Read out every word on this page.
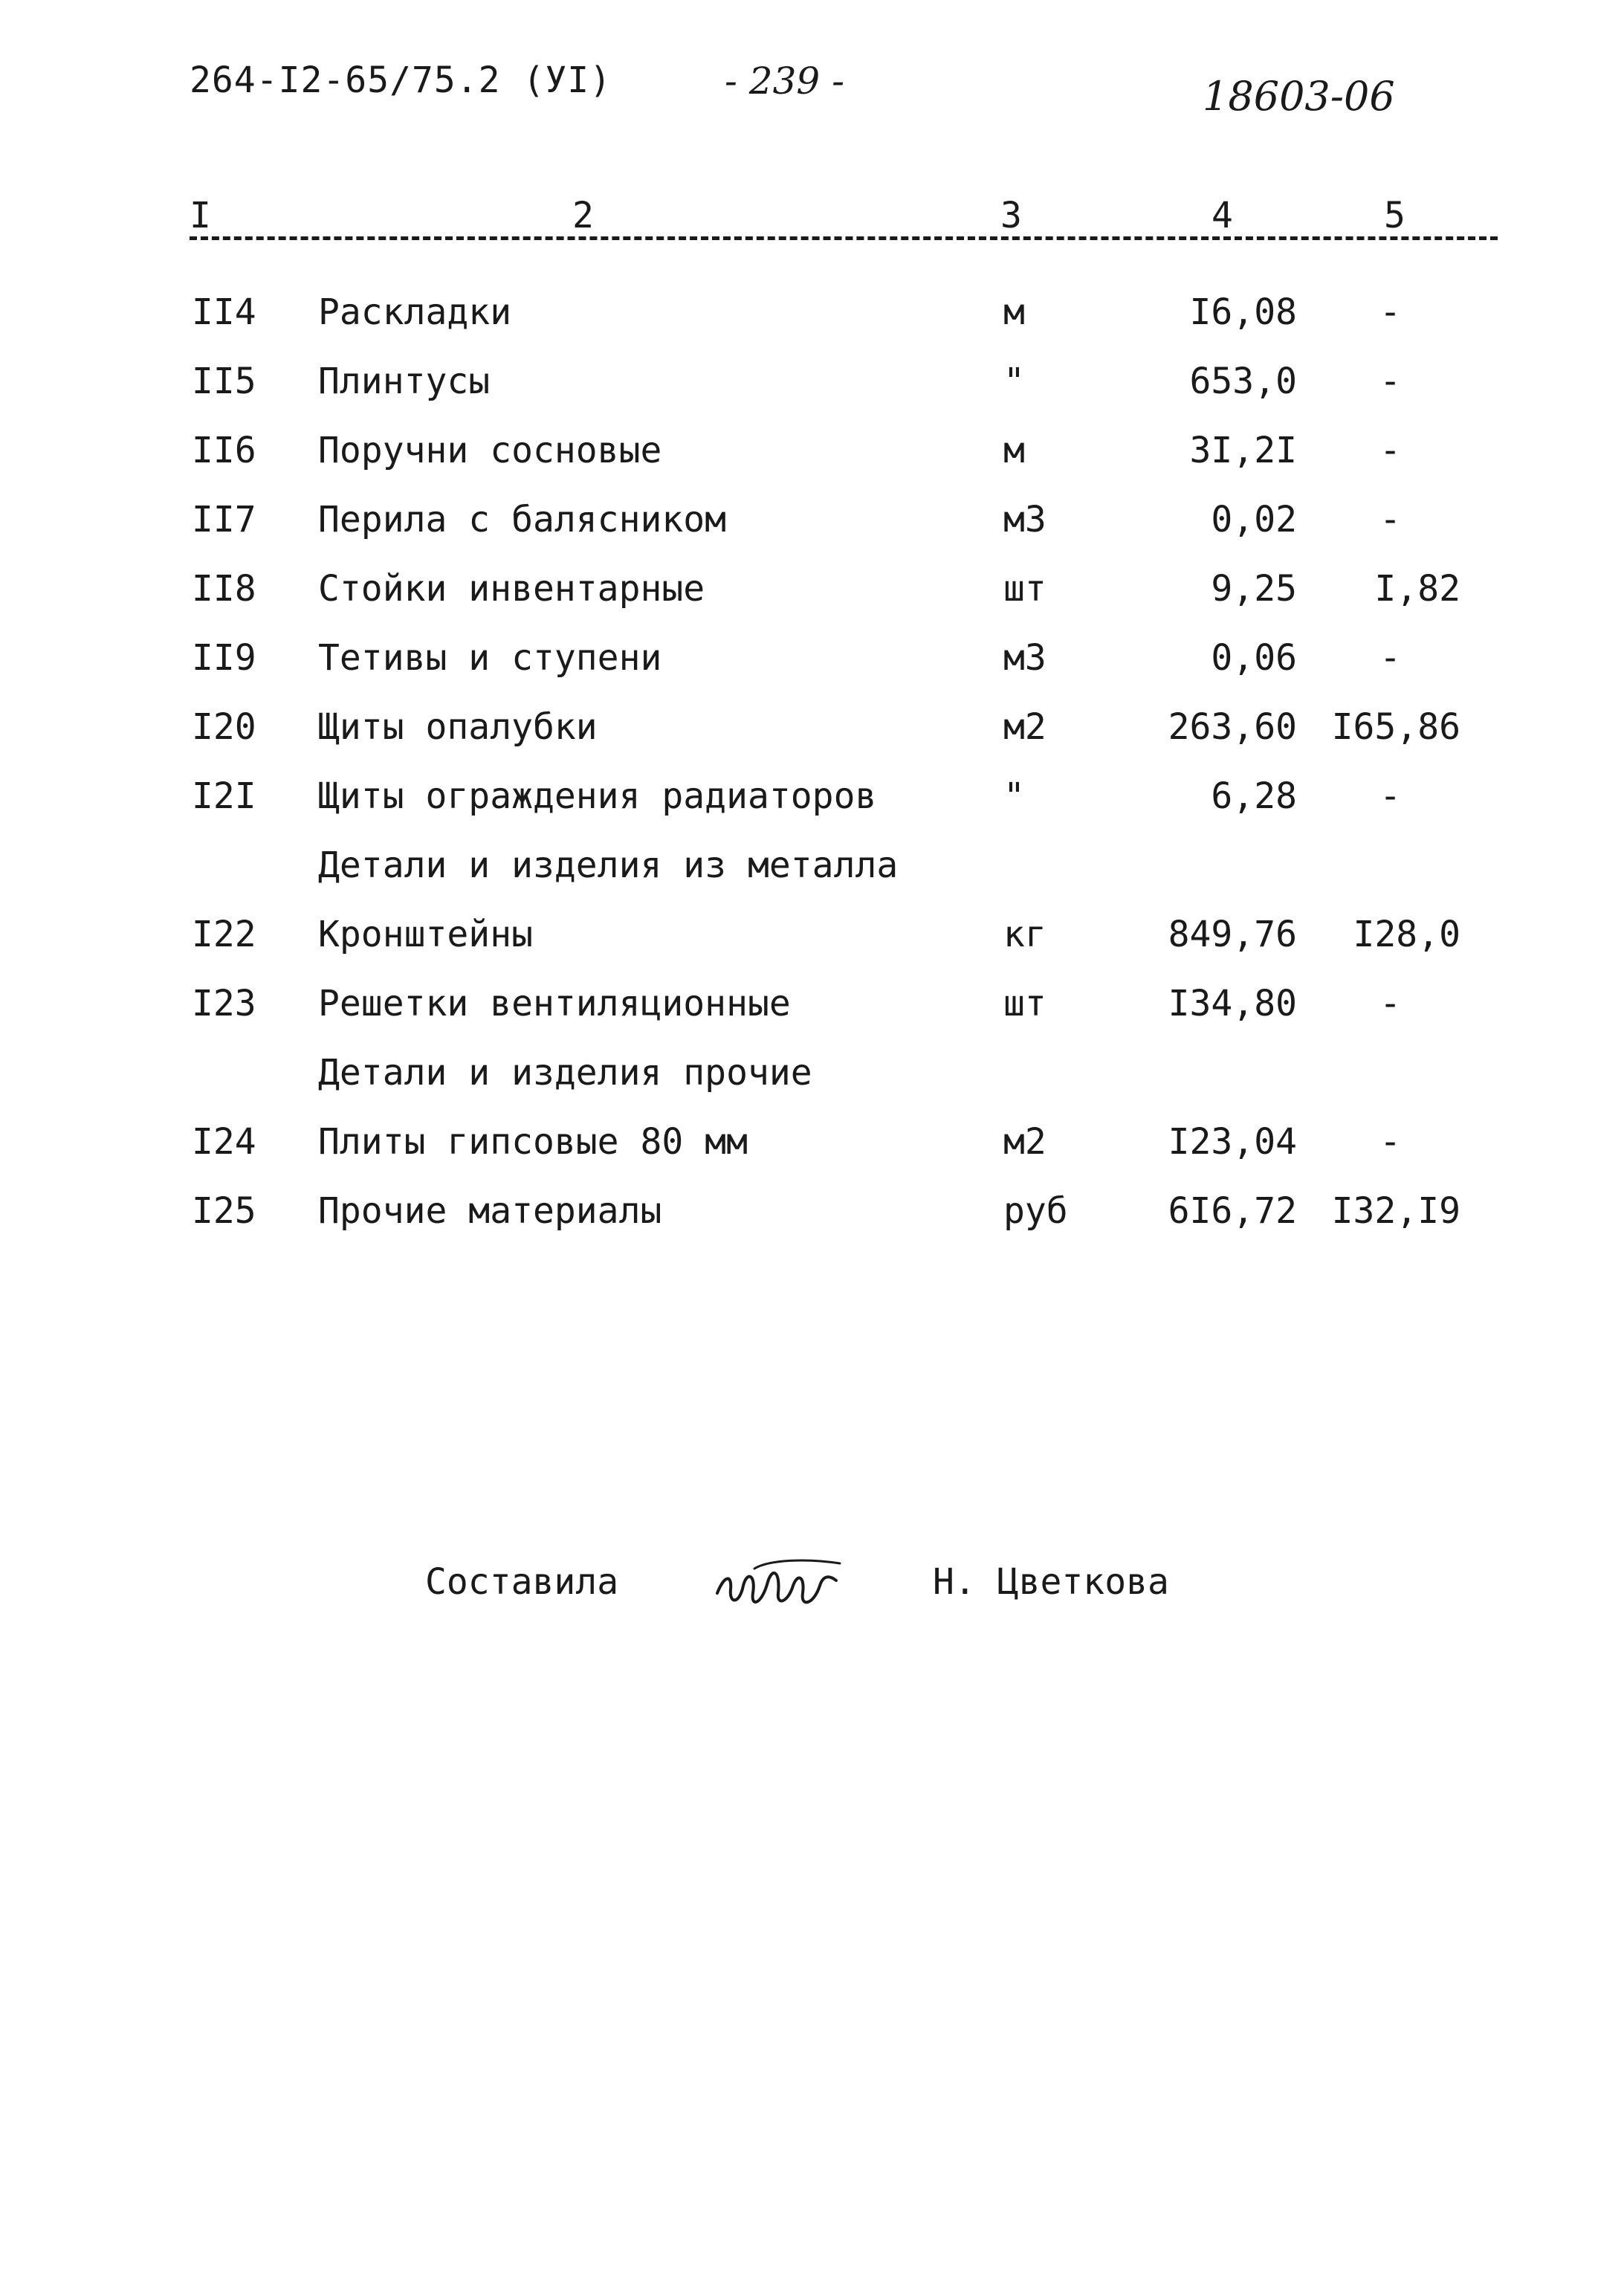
264-I2-65/75.2 (УI)	- 239 -	18603-06
I	2	3	4	5
II4 Раскладки	м	I6,08 -
II5 Плинтусы	"	653,0 -
II6 Поручни сосновые	м	3I,2I -
II7 Перила с балясником	м3	0,02 -
II8 Стойки инвентарные	шт	9,25 I,82
II9 Тетивы и ступени	м3	0,06 -
I20 Щиты опалубки	м2	263,60 I65,86
I2I Щиты ограждения радиаторов	"	6,28 -
Детали и изделия из металла
I22 Кронштейны	кг	849,76 I28,0
I23 Решетки вентиляционные	шт	I34,80 -
Детали и изделия прочие
I24 Плиты гипсовые 80 мм	м2	I23,04 -
I25 Прочие материалы	руб	6I6,72 I32,I9
Составила	Н. Цветкова
